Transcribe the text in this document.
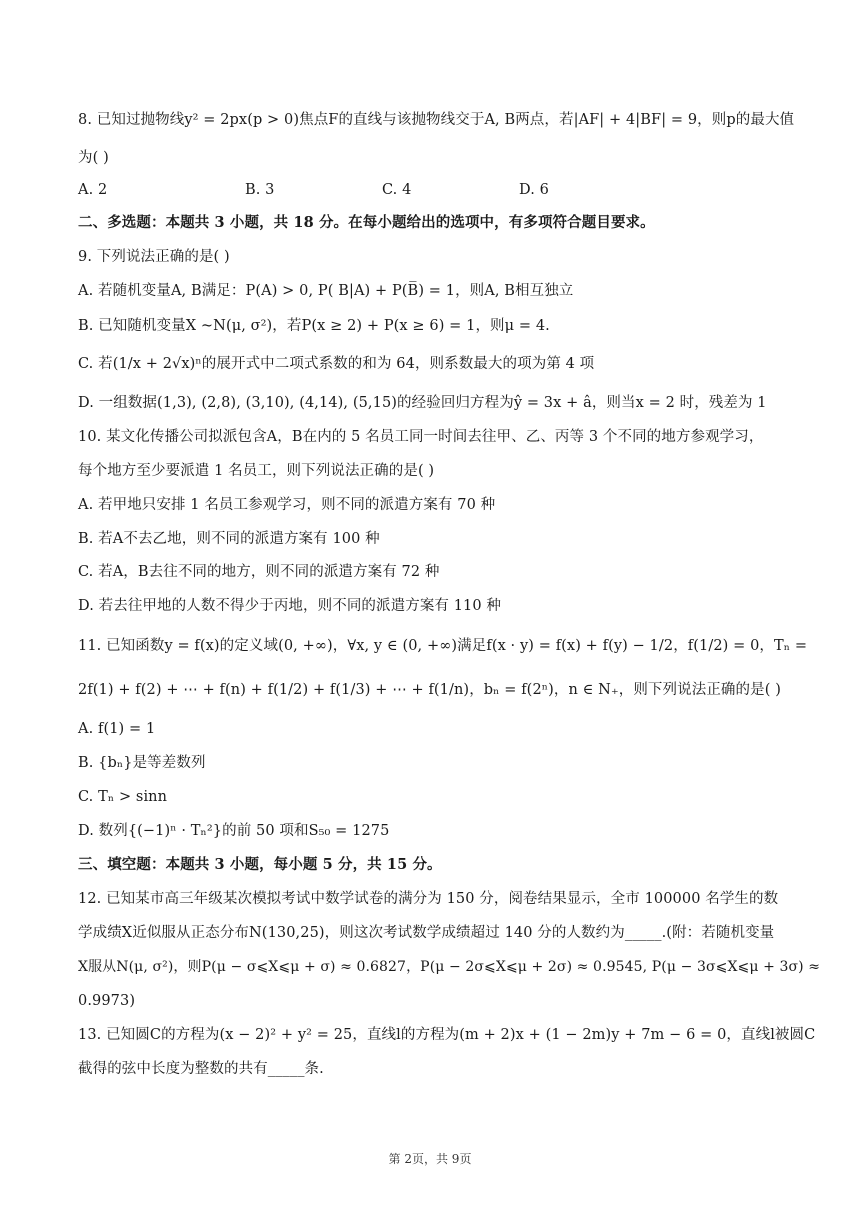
8. 已知过抛物线y² = 2px(p > 0)焦点F的直线与该抛物线交于A, B两点，若|AF| + 4|BF| = 9，则p的最大值
为( )
A. 2	B. 3	C. 4	D. 6
二、多选题：本题共 3 小题，共 18 分。在每小题给出的选项中，有多项符合题目要求。
9. 下列说法正确的是( )
A. 若随机变量A, B满足：P(A) > 0, P( B|A) + P(B̅) = 1，则A, B相互独立
B. 已知随机变量X ~N(μ, σ²)，若P(x ≥ 2) + P(x ≥ 6) = 1，则μ = 4.
C. 若(1/x + 2√x)ⁿ的展开式中二项式系数的和为 64，则系数最大的项为第 4 项
D. 一组数据(1,3), (2,8), (3,10), (4,14), (5,15)的经验回归方程为ŷ = 3x + â，则当x = 2 时，残差为 1
10. 某文化传播公司拟派包含A，B在内的 5 名员工同一时间去往甲、乙、丙等 3 个不同的地方参观学习，
每个地方至少要派遣 1 名员工，则下列说法正确的是( )
A. 若甲地只安排 1 名员工参观学习，则不同的派遣方案有 70 种
B. 若A不去乙地，则不同的派遣方案有 100 种
C. 若A，B去往不同的地方，则不同的派遣方案有 72 种
D. 若去往甲地的人数不得少于丙地，则不同的派遣方案有 110 种
11. 已知函数y = f(x)的定义域(0, +∞)，∀x, y ∈ (0, +∞)满足f(x · y) = f(x) + f(y) − 1/2，f(1/2) = 0，Tₙ =
2f(1) + f(2) + ⋯ + f(n) + f(1/2) + f(1/3) + ⋯ + f(1/n)，bₙ = f(2ⁿ)，n ∈ N₊，则下列说法正确的是( )
A. f(1) = 1
B. {bₙ}是等差数列
C. Tₙ > sinn
D. 数列{(−1)ⁿ · Tₙ²}的前 50 项和S₅₀ = 1275
三、填空题：本题共 3 小题，每小题 5 分，共 15 分。
12. 已知某市高三年级某次模拟考试中数学试卷的满分为 150 分，阅卷结果显示，全市 100000 名学生的数
学成绩X近似服从正态分布N(130,25)，则这次考试数学成绩超过 140 分的人数约为_____.(附：若随机变量
X服从N(μ, σ²)，则P(μ − σ⩽X⩽μ + σ) ≈ 0.6827，P(μ − 2σ⩽X⩽μ + 2σ) ≈ 0.9545, P(μ − 3σ⩽X⩽μ + 3σ) ≈
0.9973)
13. 已知圆C的方程为(x − 2)² + y² = 25，直线l的方程为(m + 2)x + (1 − 2m)y + 7m − 6 = 0，直线l被圆C
截得的弦中长度为整数的共有_____条.
第 2页，共 9页
